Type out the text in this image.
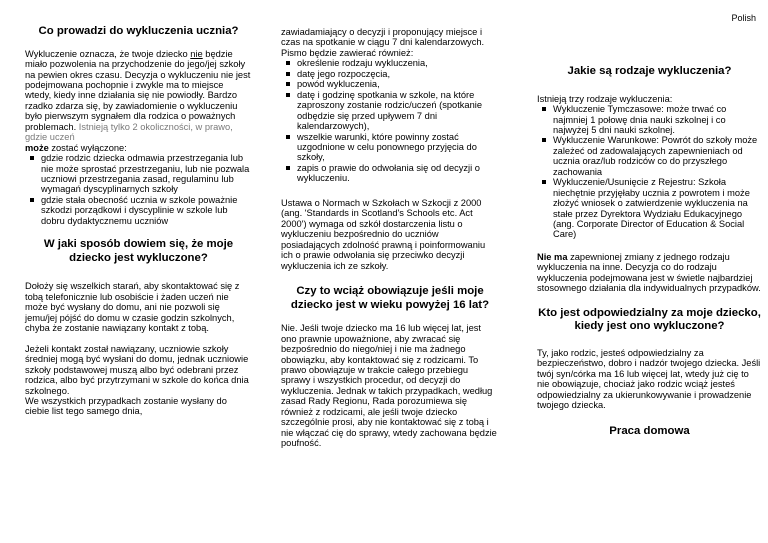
Polish
Co prowadzi do wykluczenia ucznia?

Wykluczenie oznacza, że twoje dziecko nie będzie miało pozwolenia na przychodzenie do jego/jej szkoły na pewien okres czasu. Decyzja o wykluczeniu nie jest podejmowana pochopnie i zwykle ma to miejsce wtedy, kiedy inne działania się nie powiodły. Bardzo rzadko zdarza się, by zawiadomienie o wykluczeniu było pierwszym sygnałem dla rodzica o poważnych problemach. Istnieją tylko 2 okoliczności, w prawo, gdzie uczeń
może zostać wyłączone:

gdzie rodzic dziecka odmawia przestrzegania lub nie może sprostać przestrzeganiu, lub nie pozwala uczniowi przestrzegania zasad, regulaminu lub wymagań dyscyplinarnych szkoły
gdzie stała obecność ucznia w szkole poważnie szkodzi porządkowi i dyscyplinie w szkole lub dobru dydaktycznemu uczniów
W jaki sposób dowiem się, że moje dziecko jest wykluczone?

Dołoży się wszelkich starań, aby skontaktować się z tobą telefonicznie lub osobiście i żaden uczeń nie może być wysłany do domu, ani nie pozwoli się jemu/jej pójść do domu w czasie godzin szkolnych, chyba że zostanie nawiązany kontakt z tobą.

Jeżeli kontakt został nawiązany, uczniowie szkoły średniej mogą być wysłani do domu, jednak uczniowie szkoły podstawowej muszą albo być odebrani przez rodzica, albo być przytrzymani w szkole do końca dnia szkolnego.

We wszystkich przypadkach zostanie wysłany do ciebie list tego samego dnia,

zawiadamiający o decyzji i proponujący miejsce i czas na spotkanie w ciągu 7 dni kalendarzowych. Pismo będzie zawierać również:

określenie rodzaju wykluczenia,
datę jego rozpoczęcia,
powód wykluczenia,
datę i godzinę spotkania w szkole, na które zaproszony zostanie rodzic/uczeń (spotkanie odbędzie się przed upływem 7 dni kalendarzowych),
wszelkie warunki, które powinny zostać uzgodnione w celu ponownego przyjęcia do szkoły,
zapis o prawie do odwołania się od decyzji o wykluczeniu.

Ustawa o Normach w Szkołach w Szkocji z 2000 (ang. 'Standards in Scotland's Schools etc. Act 2000') wymaga od szkół dostarczenia listu o wykluczeniu bezpośrednio do uczniów posiadających zdolność prawną i poinformowaniu ich o prawie odwołania się przeciwko decyzji wykluczenia ich ze szkoły.

Czy to wciąż obowiązuje jeśli moje dziecko jest w wieku powyżej 16 lat?

Nie. Jeśli twoje dziecko ma 16 lub więcej lat, jest ono prawnie upoważnione, aby zwracać się bezpośrednio do niego/niej i nie ma żadnego obowiązku, aby kontaktować się z rodzicami. To prawo obowiązuje w trakcie całego przebiegu sprawy i wszystkich procedur, od decyzji do wykluczenia. Jednak w takich przypadkach, według zasad Rady Regionu, Rada porozumiewa się również z rodzicami, ale jeśli twoje dziecko szczególnie prosi, aby nie kontaktować się z tobą i nie włączać cię do sprawy, wtedy zachowana będzie poufność.

Jakie są rodzaje wykluczenia?

Istnieją trzy rodzaje wykluczenia:

Wykluczenie Tymczasowe: może trwać co najmniej 1 połowę dnia nauki szkolnej i co najwyżej 5 dni nauki szkolnej.
Wykluczenie Warunkowe: Powrót do szkoły może zależeć od zadowalających zapewnieniach od ucznia oraz/lub rodziców co do przyszłego zachowania
Wykluczenie/Usunięcie z Rejestru: Szkoła niechętnie przyjęłaby ucznia z powrotem i może złożyć wniosek o zatwierdzenie wykluczenia na stałe przez Dyrektora Wydziału Edukacyjnego (ang. Corporate Director of Education & Social Care)

Nie ma zapewnionej zmiany z jednego rodzaju wykluczenia na inne. Decyzja co do rodzaju wykluczenia podejmowana jest w świetle najbardziej stosownego działania dla indywidualnych przypadków.

Kto jest odpowiedzialny za moje dziecko, kiedy jest ono wykluczone?

Ty, jako rodzic, jesteś odpowiedzialny za bezpieczeństwo, dobro i nadzór twojego dziecka. Jeśli twój syn/córka ma 16 lub więcej lat, wtedy już cię to nie obowiązuje, chociaż jako rodzic wciąż jesteś odpowiedzialny za ukierunkowywanie i prowadzenie twojego dziecka.

Praca domowa
